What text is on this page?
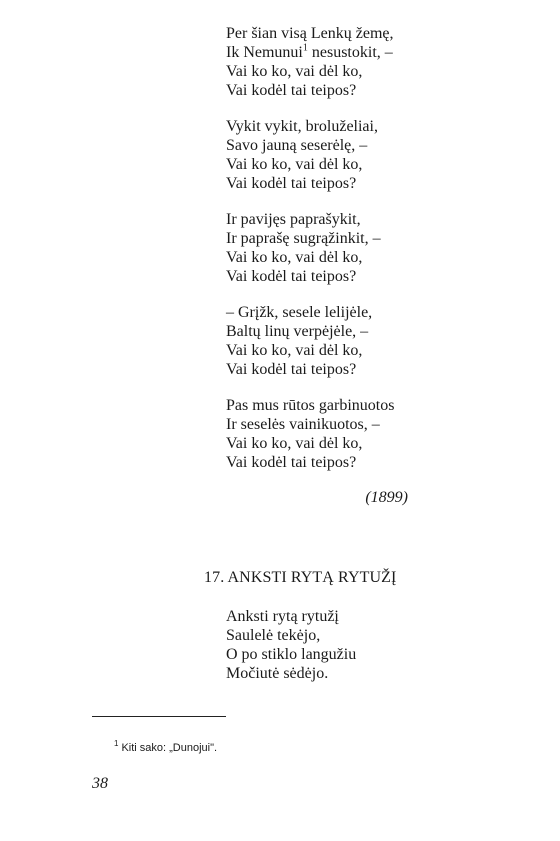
Per šian visą Lenkų žemę,
Ik Nemunui$^1$ nesustokit, –
Vai ko ko, vai dėl ko,
Vai kodėl tai teipos?
Vykit vykit, broluželiai,
Savo jauną seserėlę, –
Vai ko ko, vai dėl ko,
Vai kodėl tai teipos?
Ir pavijęs paprašykit,
Ir paprašę sugrąžinkit, –
Vai ko ko, vai dėl ko,
Vai kodėl tai teipos?
– Grįžk, sesele lelijėle,
Baltų linų verpėjėle, –
Vai ko ko, vai dėl ko,
Vai kodėl tai teipos?
Pas mus rūtos garbinuotos
Ir seselės vainikuotos, –
Vai ko ko, vai dėl ko,
Vai kodėl tai teipos?
(1899)
17. ANKSTI RYTĄ RYTUŽĮ
Anksti rytą rytužį
Saulelė tekėjo,
O po stiklo langužiu
Močiutė sėdėjo.
$^1$ Kiti sako: „Dunojui".
38
